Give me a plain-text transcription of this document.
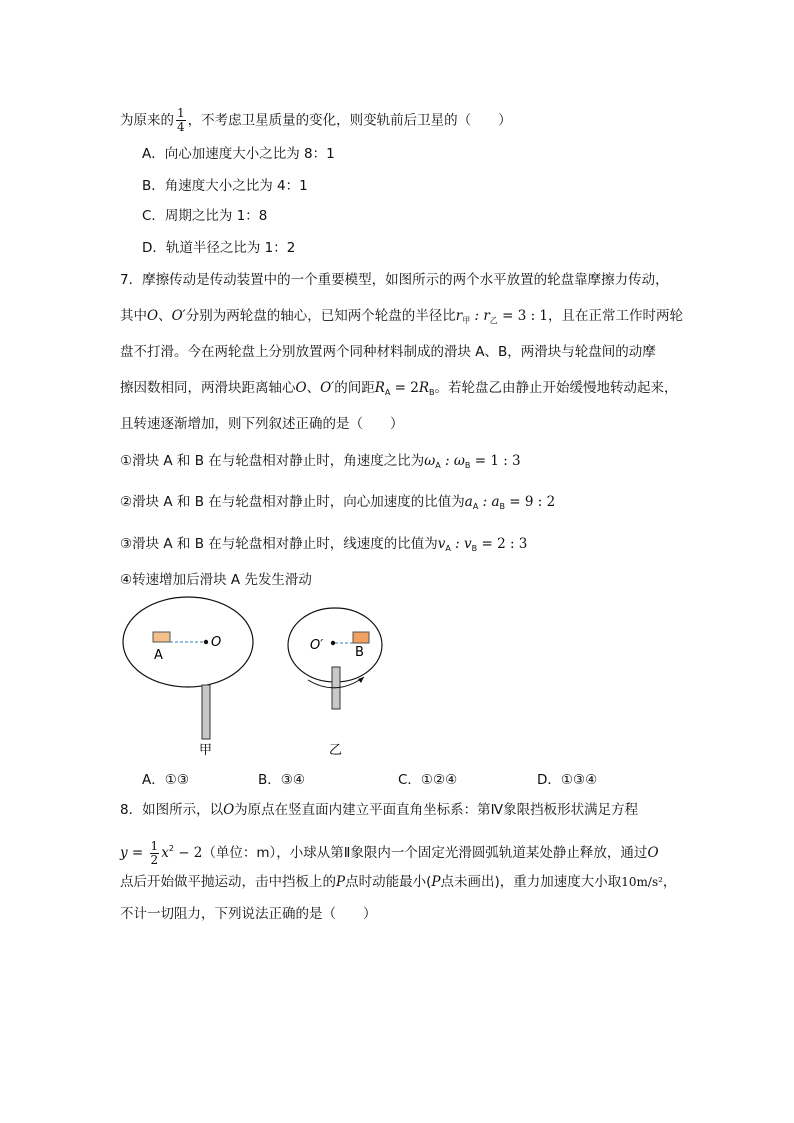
为原来的 $\frac{1}{4}$ ，不考虑卫星质量的变化，则变轨前后卫星的（　　）
A．向心加速度大小之比为 8：1
B．角速度大小之比为 4：1
C．周期之比为 1：8
D．轨道半径之比为 1：2
7．摩擦传动是传动装置中的一个重要模型，如图所示的两个水平放置的轮盘靠摩擦力传动，
其中O、O′分别为两轮盘的轴心，已知两个轮盘的半径比$r_甲$ : $r_乙 = 3$ : 1，且在正常工作时两轮
盘不打滑。今在两轮盘上分别放置两个同种材料制成的滑块 A、B，两滑块与轮盘间的动摩
擦因数相同，两滑块距离轴心O、O′的间距$R_A = 2R_B$。若轮盘乙由静止开始缓慢地转动起来，
且转速逐渐增加，则下列叙述正确的是（　　）
①滑块 A 和 B 在与轮盘相对静止时，角速度之比为$\omega_A$ : $\omega_B = 1$ : 3
②滑块 A 和 B 在与轮盘相对静止时，向心加速度的比值为$a_A$ : $a_B = 9$ : 2
③滑块 A 和 B 在与轮盘相对静止时，线速度的比值为$v_A$ : $v_B = 2$ : 3
④转速增加后滑块 A 先发生滑动
A
O	O′ B
甲	乙
A．①③	B．③④	C．①②④	D．①③④
8．如图所示，以O为原点在竖直面内建立平面直角坐标系：第Ⅳ象限挡板形状满足方程
$y = \frac{1}{2} x^2 - 2$（单位：m），小球从第Ⅱ象限内一个固定光滑圆弧轨道某处静止释放，通过O
点后开始做平抛运动，击中挡板上的P点时动能最小(P点未画出)，重力加速度大小取10m/s²，
不计一切阻力，下列说法正确的是（　　）
